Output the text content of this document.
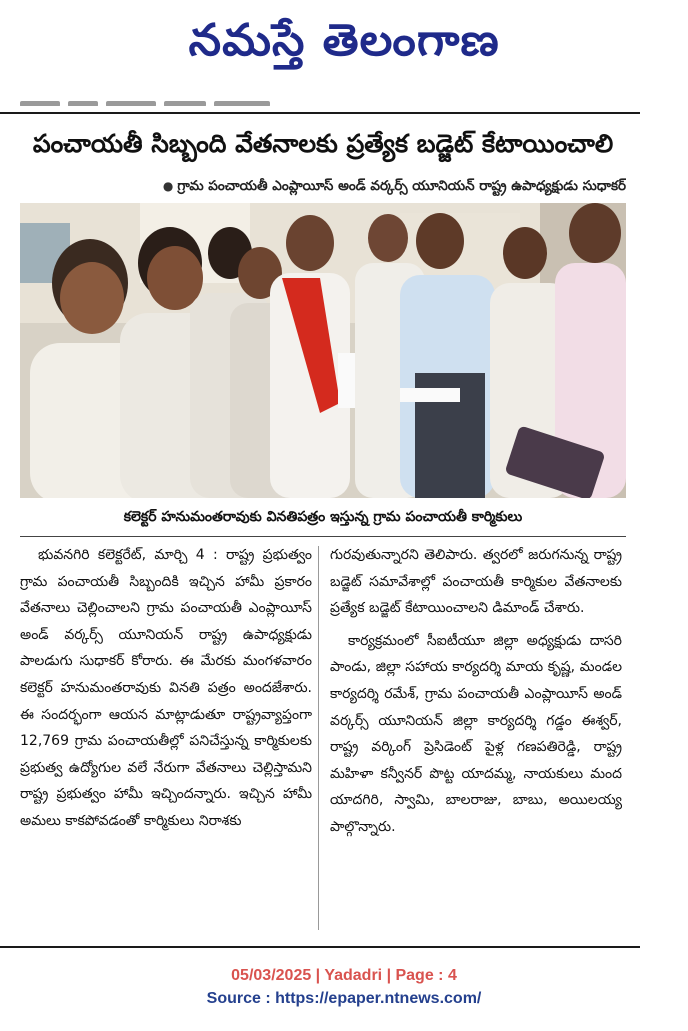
నమస్తే తెలంగాణ
పంచాయతీ సిబ్బంది వేతనాలకు ప్రత్యేక బడ్జెట్ కేటాయించాలి
● గ్రామ పంచాయతీ ఎంప్లాయీస్ అండ్ వర్కర్స్ యూనియన్ రాష్ట్ర ఉపాధ్యక్షుడు సుధాకర్
కలెక్టర్ హనుమంతరావుకు వినతిపత్రం ఇస్తున్న గ్రామ పంచాయతీ కార్మికులు

భువనగిరి కలెక్టరేట్, మార్చి 4 : రాష్ట్ర ప్రభుత్వం గ్రామ పంచాయతీ సిబ్బందికి ఇచ్చిన హామీ ప్రకారం వేతనాలు చెల్లించాలని గ్రామ పంచాయతీ ఎంప్లాయీస్ అండ్ వర్కర్స్ యూనియన్ రాష్ట్ర ఉపాధ్యక్షుడు పాలడుగు సుధాకర్ కోరారు. ఈ మేరకు మంగళవారం కలెక్టర్ హనుమంతరావుకు వినతి పత్రం అందజేశారు. ఈ సందర్భంగా ఆయన మాట్లాడుతూ రాష్ట్రవ్యాప్తంగా 12,769 గ్రామ పంచాయతీల్లో పనిచేస్తున్న కార్మికులకు ప్రభుత్వ ఉద్యోగుల వలే నేరుగా వేతనాలు చెల్లిస్తామని రాష్ట్ర ప్రభుత్వం హామీ ఇచ్చిందన్నారు. ఇచ్చిన హామీ అమలు కాకపోవడంతో కార్మికులు నిరాశకు

గురవుతున్నారని తెలిపారు. త్వరలో జరుగనున్న రాష్ట్ర బడ్జెట్ సమావేశాల్లో పంచాయతీ కార్మికుల వేతనాలకు ప్రత్యేక బడ్జెట్ కేటాయించాలని డిమాండ్ చేశారు.

కార్యక్రమంలో సీఐటీయూ జిల్లా అధ్యక్షుడు దాసరి పాండు, జిల్లా సహాయ కార్యదర్శి మాయ కృష్ణ, మండల కార్యదర్శి రమేశ్, గ్రామ పంచాయతీ ఎంప్లాయీస్ అండ్ వర్కర్స్ యూనియన్ జిల్లా కార్యదర్శి గడ్డం ఈశ్వర్, రాష్ట్ర వర్కింగ్ ప్రెసిడెంట్ పైళ్ల గణపతిరెడ్డి, రాష్ట్ర మహిళా కన్వీనర్ పొట్ట యాదమ్మ, నాయకులు మంద యాదగిరి, స్వామి, బాలరాజు, బాబు, అయిలయ్య పాల్గొన్నారు.

05/03/2025 | Yadadri | Page : 4
Source : https://epaper.ntnews.com/
